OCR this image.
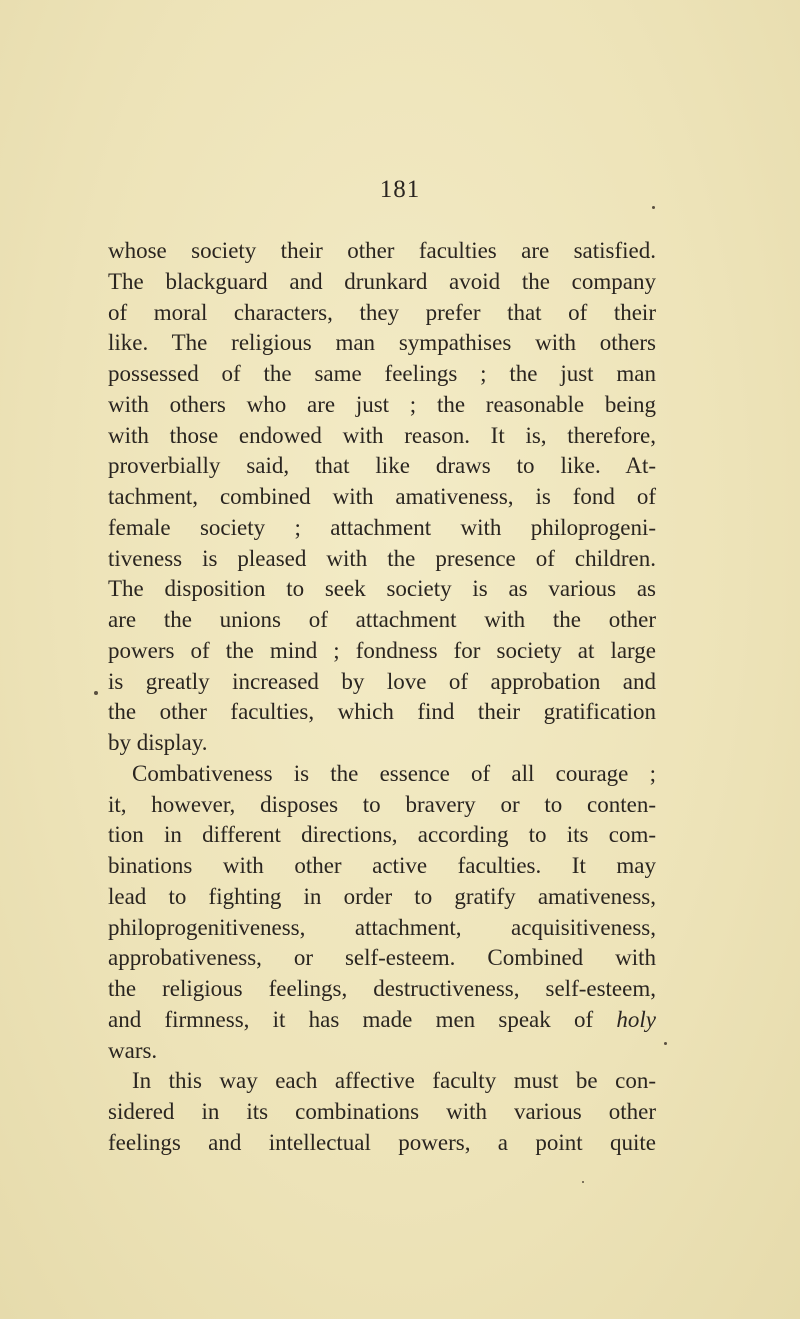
181
whose society their other faculties are satisfied.
The blackguard and drunkard avoid the company
of moral characters, they prefer that of their
like. The religious man sympathises with others
possessed of the same feelings ; the just man
with others who are just ; the reasonable being
with those endowed with reason. It is, therefore,
proverbially said, that like draws to like. At-
tachment, combined with amativeness, is fond of
female society ; attachment with philoprogeni-
tiveness is pleased with the presence of children.
The disposition to seek society is as various as
are the unions of attachment with the other
powers of the mind ; fondness for society at large
is greatly increased by love of approbation and
the other faculties, which find their gratification
by display.
Combativeness is the essence of all courage ;
it, however, disposes to bravery or to conten-
tion in different directions, according to its com-
binations with other active faculties. It may
lead to fighting in order to gratify amativeness,
philoprogenitiveness, attachment, acquisitiveness,
approbativeness, or self-esteem. Combined with
the religious feelings, destructiveness, self-esteem,
and firmness, it has made men speak of holy
wars.
In this way each affective faculty must be con-
sidered in its combinations with various other
feelings and intellectual powers, a point quite
